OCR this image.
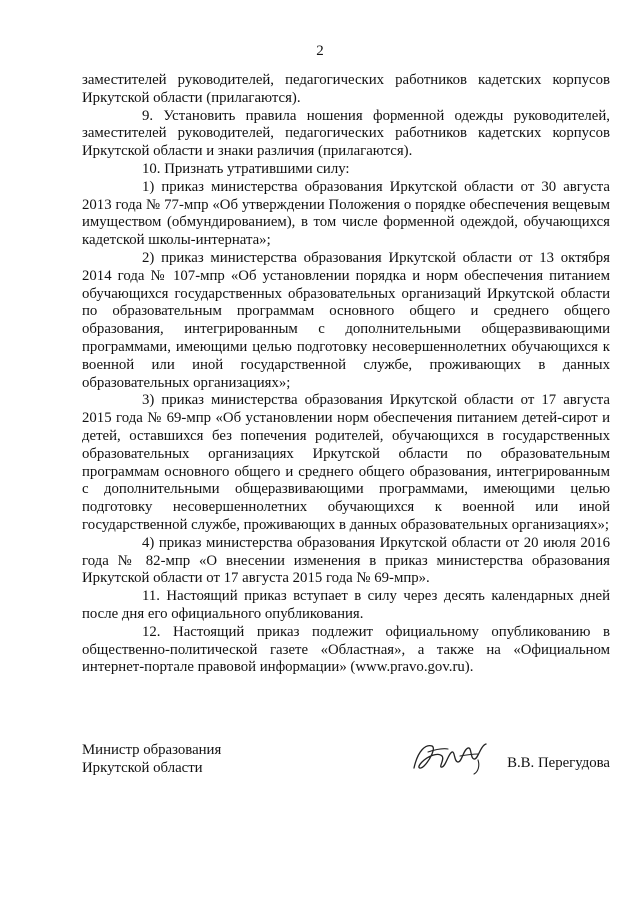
2

заместителей руководителей, педагогических работников кадетских корпусов Иркутской области (прилагаются).

9. Установить правила ношения форменной одежды руководителей, заместителей руководителей, педагогических работников кадетских корпусов Иркутской области и знаки различия (прилагаются).

10. Признать утратившими силу:

1) приказ министерства образования Иркутской области от 30 августа 2013 года № 77-мпр «Об утверждении Положения о порядке обеспечения вещевым имуществом (обмундированием), в том числе форменной одеждой, обучающихся кадетской школы-интерната»;

2) приказ министерства образования Иркутской области от 13 октября 2014 года № 107-мпр «Об установлении порядка и норм обеспечения питанием обучающихся государственных образовательных организаций Иркутской области по образовательным программам основного общего и среднего общего образования, интегрированным с дополнительными общеразвивающими программами, имеющими целью подготовку несовершеннолетних обучающихся к военной или иной государственной службе, проживающих в данных образовательных организациях»;

3) приказ министерства образования Иркутской области от 17 августа 2015 года № 69-мпр «Об установлении норм обеспечения питанием детей-сирот и детей, оставшихся без попечения родителей, обучающихся в государственных образовательных организациях Иркутской области по образовательным программам основного общего и среднего общего образования, интегрированным с дополнительными общеразвивающими программами, имеющими целью подготовку несовершеннолетних обучающихся к военной или иной государственной службе, проживающих в данных образовательных организациях»;

4) приказ министерства образования Иркутской области от 20 июля 2016 года № 82-мпр «О внесении изменения в приказ министерства образования Иркутской области от 17 августа 2015 года № 69-мпр».

11. Настоящий приказ вступает в силу через десять календарных дней после дня его официального опубликования.

12. Настоящий приказ подлежит официальному опубликованию в общественно-политической газете «Областная», а также на «Официальном интернет-портале правовой информации» (www.pravo.gov.ru).

Министр образования
Иркутской области	В.В. Перегудова
